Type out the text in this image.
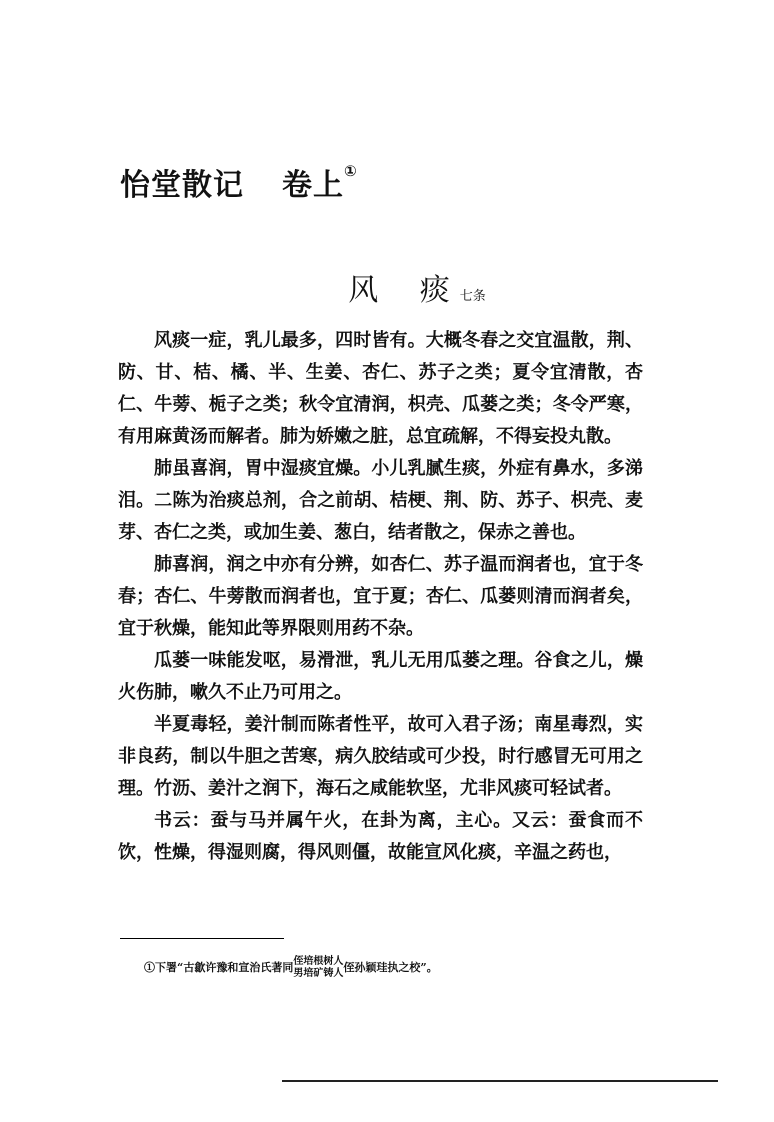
怡堂散记 卷上①
风 痰七条

风痰一症，乳儿最多，四时皆有。大概冬春之交宜温散，荆、防、甘、桔、橘、半、生姜、杏仁、苏子之类；夏令宜清散，杏仁、牛蒡、栀子之类；秋令宜清润，枳壳、瓜蒌之类；冬令严寒，有用麻黄汤而解者。肺为娇嫩之脏，总宜疏解，不得妄投丸散。

肺虽喜润，胃中湿痰宜燥。小儿乳腻生痰，外症有鼻水，多涕泪。二陈为治痰总剂，合之前胡、桔梗、荆、防、苏子、枳壳、麦芽、杏仁之类，或加生姜、葱白，结者散之，保赤之善也。

肺喜润，润之中亦有分辨，如杏仁、苏子温而润者也，宜于冬春；杏仁、牛蒡散而润者也，宜于夏；杏仁、瓜蒌则清而润者矣，宜于秋燥，能知此等界限则用药不杂。

瓜蒌一味能发呕，易滑泄，乳儿无用瓜蒌之理。谷食之儿，燥火伤肺，嗽久不止乃可用之。

半夏毒轻，姜汁制而陈者性平，故可入君子汤；南星毒烈，实非良药，制以牛胆之苦寒，病久胶结或可少投，时行感冒无可用之理。竹沥、姜汁之润下，海石之咸能软坚，尤非风痰可轻试者。

书云：蚕与马并属午火，在卦为离，主心。又云：蚕食而不饮，性燥，得湿则腐，得风则僵，故能宣风化痰，辛温之药也，

①下署“古歙许豫和宣治氏著同 侄培根树人
男培矿铸人 侄孙颖珪执之校”。
